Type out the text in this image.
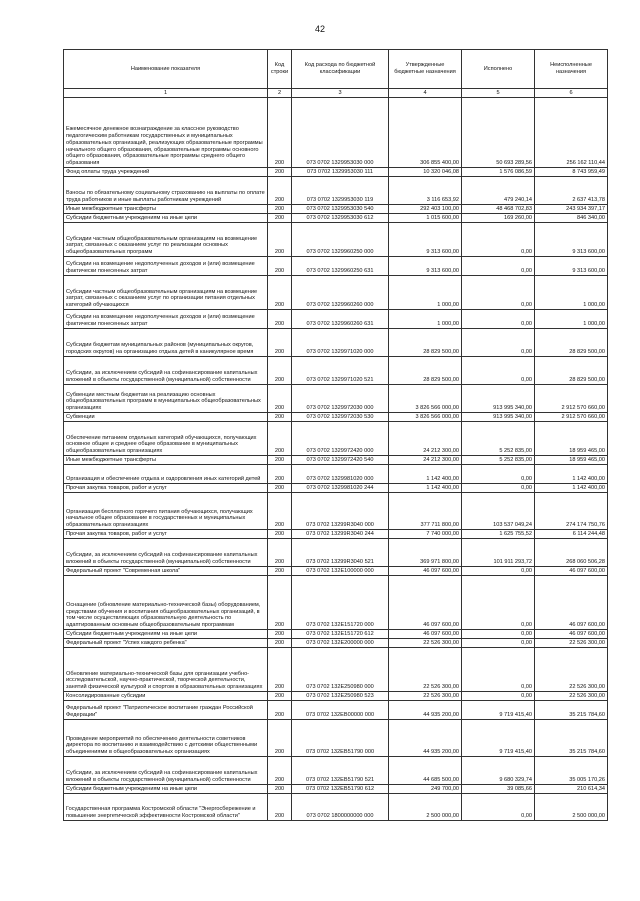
42
Наименование показателя	Код строки	Код расхода по бюджетной классификации	Утвержденные бюджетные назначения	Исполнено	Неисполненные назначения
1	2	3	4	5	6
Ежемесячное денежное вознаграждение за классное руководство педагогическим работникам государственных и муниципальных образовательных организаций, реализующих образовательные программы начального общего образования, образовательные программы основного общего образования, образовательные программы среднего общего образования	200	073 0702 1329953030 000	306 855 400,00	50 693 289,56	256 162 110,44
Фонд оплаты труда учреждений	200	073 0702 1329953030 111	10 320 046,08	1 576 086,59	8 743 959,49
Взносы по обязательному социальному страхованию на выплаты по оплате труда работников и иные выплаты работникам учреждений	200	073 0702 1329953030 119	3 116 653,92	479 240,14	2 637 413,78
Иные межбюджетные трансферты	200	073 0702 1329953030 540	292 403 100,00	48 468 702,83	243 934 397,17
Субсидии бюджетным учреждениям на иные цели	200	073 0702 1329953030 612	1 015 600,00	169 260,00	846 340,00
Субсидии частным общеобразовательным организациям на возмещение затрат, связанных с оказанием услуг по реализации основных общеобразовательных программ	200	073 0702 1329960250 000	9 313 600,00	0,00	9 313 600,00
Субсидии на возмещение недополученных доходов и (или) возмещение фактически понесенных затрат	200	073 0702 1329960250 631	9 313 600,00	0,00	9 313 600,00
Субсидии частным общеобразовательным организациям на возмещение затрат, связанных с оказанием услуг по организации питания отдельных категорий обучающихся	200	073 0702 1329960260 000	1 000,00	0,00	1 000,00
Субсидии на возмещение недополученных доходов и (или) возмещение фактически понесенных затрат	200	073 0702 1329960260 631	1 000,00	0,00	1 000,00
Субсидии бюджетам муниципальных районов (муниципальных округов, городских округов) на организацию отдыха детей в каникулярное время	200	073 0702 1329971020 000	28 829 500,00	0,00	28 829 500,00
Субсидии, за исключением субсидий на софинансирование капитальных вложений в объекты государственной (муниципальной) собственности	200	073 0702 1329971020 521	28 829 500,00	0,00	28 829 500,00
Субвенции местным бюджетам на реализацию основных общеобразовательных программ в муниципальных общеобразовательных организациях	200	073 0702 1329972030 000	3 826 566 000,00	913 995 340,00	2 912 570 660,00
Субвенции	200	073 0702 1329972030 530	3 826 566 000,00	913 995 340,00	2 912 570 660,00
Обеспечение питанием отдельных категорий обучающихся, получающих основное общее и среднее общее образование в муниципальных общеобразовательных организациях	200	073 0702 1329972420 000	24 212 300,00	5 252 835,00	18 959 465,00
Иные межбюджетные трансферты	200	073 0702 1329972420 540	24 212 300,00	5 252 835,00	18 959 465,00
Организация и обеспечение отдыха и оздоровления иных категорий детей	200	073 0702 1329981020 000	1 142 400,00	0,00	1 142 400,00
Прочая закупка товаров, работ и услуг	200	073 0702 1329981020 244	1 142 400,00	0,00	1 142 400,00
Организация бесплатного горячего питания обучающихся, получающих начальное общее образование в государственных и муниципальных образовательных организациях	200	073 0702 13299R3040 000	377 711 800,00	103 537 049,24	274 174 750,76
Прочая закупка товаров, работ и услуг	200	073 0702 13299R3040 244	7 740 000,00	1 625 755,52	6 114 244,48
Субсидии, за исключением субсидий на софинансирование капитальных вложений в объекты государственной (муниципальной) собственности	200	073 0702 13299R3040 521	369 971 800,00	101 911 293,72	268 060 506,28
Федеральный проект "Современная школа"	200	073 0702 132E100000 000	46 097 600,00	0,00	46 097 600,00
Оснащение (обновление материально-технической базы) оборудованием, средствами обучения и воспитания общеобразовательных организаций, в том числе осуществляющих образовательную деятельность по адаптированным основным общеобразовательным программам	200	073 0702 132E151720 000	46 097 600,00	0,00	46 097 600,00
Субсидии бюджетным учреждениям на иные цели	200	073 0702 132E151720 612	46 097 600,00	0,00	46 097 600,00
Федеральный проект "Успех каждого ребенка"	200	073 0702 132E200000 000	22 526 300,00	0,00	22 526 300,00
Обновление материально-технической базы для организации учебно-исследовательской, научно-практической, творческой деятельности, занятий физической культурой и спортом в образовательных организациях	200	073 0702 132E250980 000	22 526 300,00	0,00	22 526 300,00
Консолидированные субсидии	200	073 0702 132E250980 523	22 526 300,00	0,00	22 526 300,00
Федеральный проект "Патриотическое воспитание граждан Российской Федерации"	200	073 0702 132EB00000 000	44 935 200,00	9 719 415,40	35 215 784,60
Проведение мероприятий по обеспечению деятельности советников директора по воспитанию и взаимодействию с детскими общественными объединениями в общеобразовательных организациях	200	073 0702 132EB51790 000	44 935 200,00	9 719 415,40	35 215 784,60
Субсидии, за исключением субсидий на софинансирование капитальных вложений в объекты государственной (муниципальной) собственности	200	073 0702 132EB51790 521	44 685 500,00	9 680 329,74	35 005 170,26
Субсидии бюджетным учреждениям на иные цели	200	073 0702 132EB51790 612	249 700,00	39 085,66	210 614,34
Государственная программа Костромской области "Энергосбережение и повышение энергетической эффективности Костромской области"	200	073 0702 1800000000 000	2 500 000,00	0,00	2 500 000,00
